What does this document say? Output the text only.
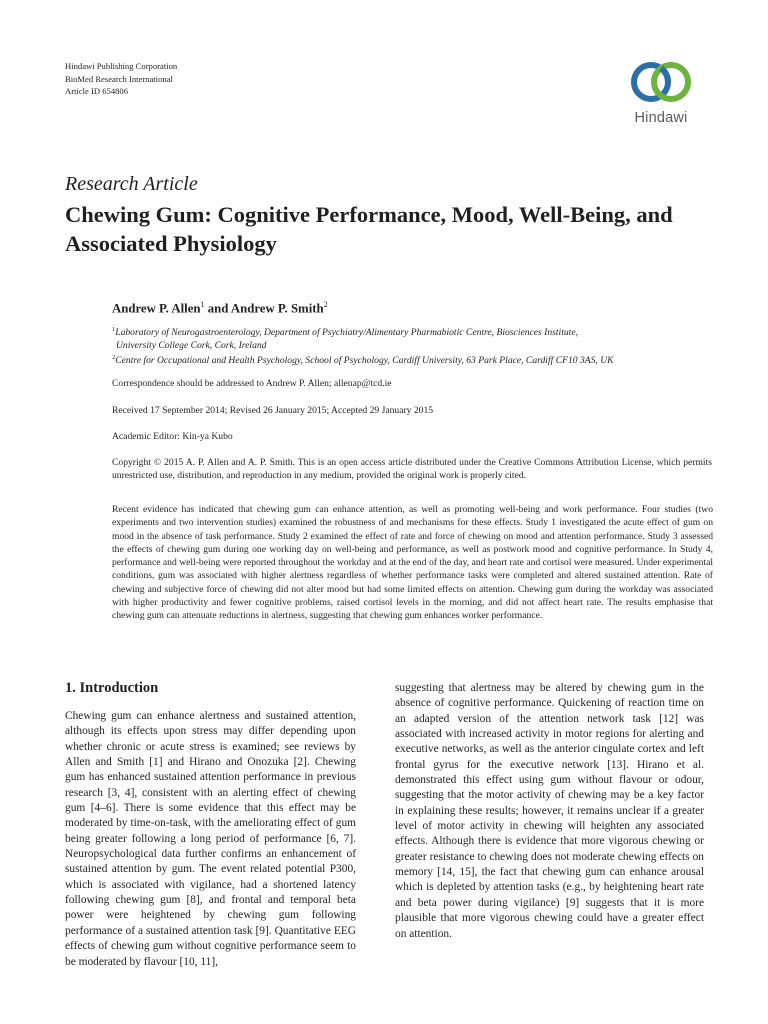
Hindawi Publishing Corporation
BioMed Research International
Article ID 654806
Hindawi
Research Article
Chewing Gum: Cognitive Performance, Mood, Well-Being, and Associated Physiology
Andrew P. Allen$^1$ and Andrew P. Smith$^2$
$^1$Laboratory of Neurogastroenterology, Department of Psychiatry/Alimentary Pharmabiotic Centre, Biosciences Institute,
University College Cork, Cork, Ireland
$^2$Centre for Occupational and Health Psychology, School of Psychology, Cardiff University, 63 Park Place, Cardiff CF10 3AS, UK
Correspondence should be addressed to Andrew P. Allen; allenap@tcd.ie
Received 17 September 2014; Revised 26 January 2015; Accepted 29 January 2015
Academic Editor: Kin-ya Kubo
Copyright © 2015 A. P. Allen and A. P. Smith. This is an open access article distributed under the Creative Commons Attribution License, which permits unrestricted use, distribution, and reproduction in any medium, provided the original work is properly cited.

Recent evidence has indicated that chewing gum can enhance attention, as well as promoting well-being and work performance. Four studies (two experiments and two intervention studies) examined the robustness of and mechanisms for these effects. Study 1 investigated the acute effect of gum on mood in the absence of task performance. Study 2 examined the effect of rate and force of chewing on mood and attention performance. Study 3 assessed the effects of chewing gum during one working day on well-being and performance, as well as postwork mood and cognitive performance. In Study 4, performance and well-being were reported throughout the workday and at the end of the day, and heart rate and cortisol were measured. Under experimental conditions, gum was associated with higher alertness regardless of whether performance tasks were completed and altered sustained attention. Rate of chewing and subjective force of chewing did not alter mood but had some limited effects on attention. Chewing gum during the workday was associated with higher productivity and fewer cognitive problems, raised cortisol levels in the morning, and did not affect heart rate. The results emphasise that chewing gum can attenuate reductions in alertness, suggesting that chewing gum enhances worker performance.

1. Introduction

Chewing gum can enhance alertness and sustained attention, although its effects upon stress may differ depending upon whether chronic or acute stress is examined; see reviews by Allen and Smith [1] and Hirano and Onozuka [2]. Chewing gum has enhanced sustained attention performance in previous research [3, 4], consistent with an alerting effect of chewing gum [4–6]. There is some evidence that this effect may be moderated by time-on-task, with the ameliorating effect of gum being greater following a long period of performance [6, 7]. Neuropsychological data further confirms an enhancement of sustained attention by gum. The event related potential P300, which is associated with vigilance, had a shortened latency following chewing gum [8], and frontal and temporal beta power were heightened by chewing gum following performance of a sustained attention task [9]. Quantitative EEG effects of chewing gum without cognitive performance seem to be moderated by flavour [10, 11],

suggesting that alertness may be altered by chewing gum in the absence of cognitive performance. Quickening of reaction time on an adapted version of the attention network task [12] was associated with increased activity in motor regions for alerting and executive networks, as well as the anterior cingulate cortex and left frontal gyrus for the executive network [13]. Hirano et al. demonstrated this effect using gum without flavour or odour, suggesting that the motor activity of chewing may be a key factor in explaining these results; however, it remains unclear if a greater level of motor activity in chewing will heighten any associated effects. Although there is evidence that more vigorous chewing or greater resistance to chewing does not moderate chewing effects on memory [14, 15], the fact that chewing gum can enhance arousal which is depleted by attention tasks (e.g., by heightening heart rate and beta power during vigilance) [9] suggests that it is more plausible that more vigorous chewing could have a greater effect on attention.
